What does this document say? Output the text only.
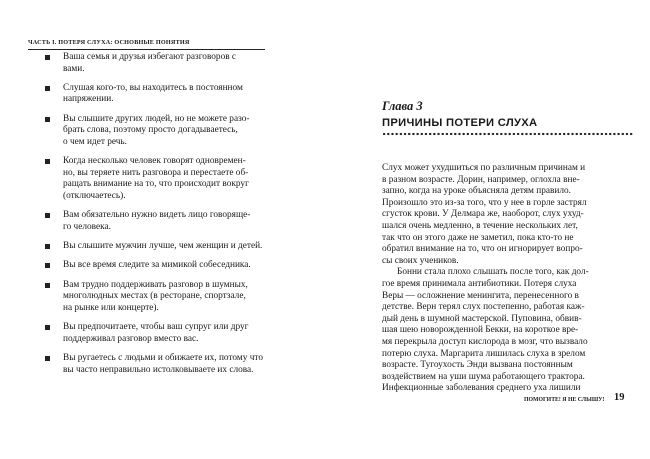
ЧАСТЬ I. ПОТЕРЯ СЛУХА: ОСНОВНЫЕ ПОНЯТИЯ
Ваша семья и друзья избегают разговоров с
вами.
Слушая кого-то, вы находитесь в постоянном
напряжении.
Вы слышите других людей, но не можете разо-
брать слова, поэтому просто догадываетесь,
о чем идет речь.
Когда несколько человек говорят одновремен-
но, вы теряете нить разговора и перестаете об-
ращать внимание на то, что происходит вокруг
(отключаетесь).
Вам обязательно нужно видеть лицо говоряще-
го человека.
Вы слышите мужчин лучше, чем женщин и детей.
Вы все время следите за мимикой собеседника.
Вам трудно поддерживать разговор в шумных,
многолюдных местах (в ресторане, спортзале,
на рынке или концерте).
Вы предпочитаете, чтобы ваш супруг или друг
поддерживал разговор вместо вас.
Вы ругаетесь с людьми и обижаете их, потому что
вы часто неправильно истолковываете их слова.
Глава 3
ПРИЧИНЫ ПОТЕРИ СЛУХА

Слух может ухудшиться по различным причинам и
в разном возрасте. Дорин, например, оглохла вне-
запно, когда на уроке объясняла детям правило.
Произошло это из-за того, что у нее в горле застрял
сгусток крови. У Делмара же, наоборот, слух ухуд-
шался очень медленно, в течение нескольких лет,
так что он этого даже не заметил, пока кто-то не
обратил внимание на то, что он игнорирует вопро-
сы своих учеников.

Бонни стала плохо слышать после того, как дол-
гое время принимала антибиотики. Потеря слуха
Веры — осложнение менингита, перенесенного в
детстве. Верн терял слух постепенно, работая каж-
дый день в шумной мастерской. Пуповина, обвив-
шая шею новорожденной Бекки, на короткое вре-
мя перекрыла доступ кислорода в мозг, что вызвало
потерю слуха. Маргарита лишилась слуха в зрелом
возрасте. Тугоухость Энди вызвана постоянным
воздействием на уши шума работающего трактора.
Инфекционные заболевания среднего уха лишили

ПОМОГИТЕ! Я НЕ СЛЫШУ! 19
